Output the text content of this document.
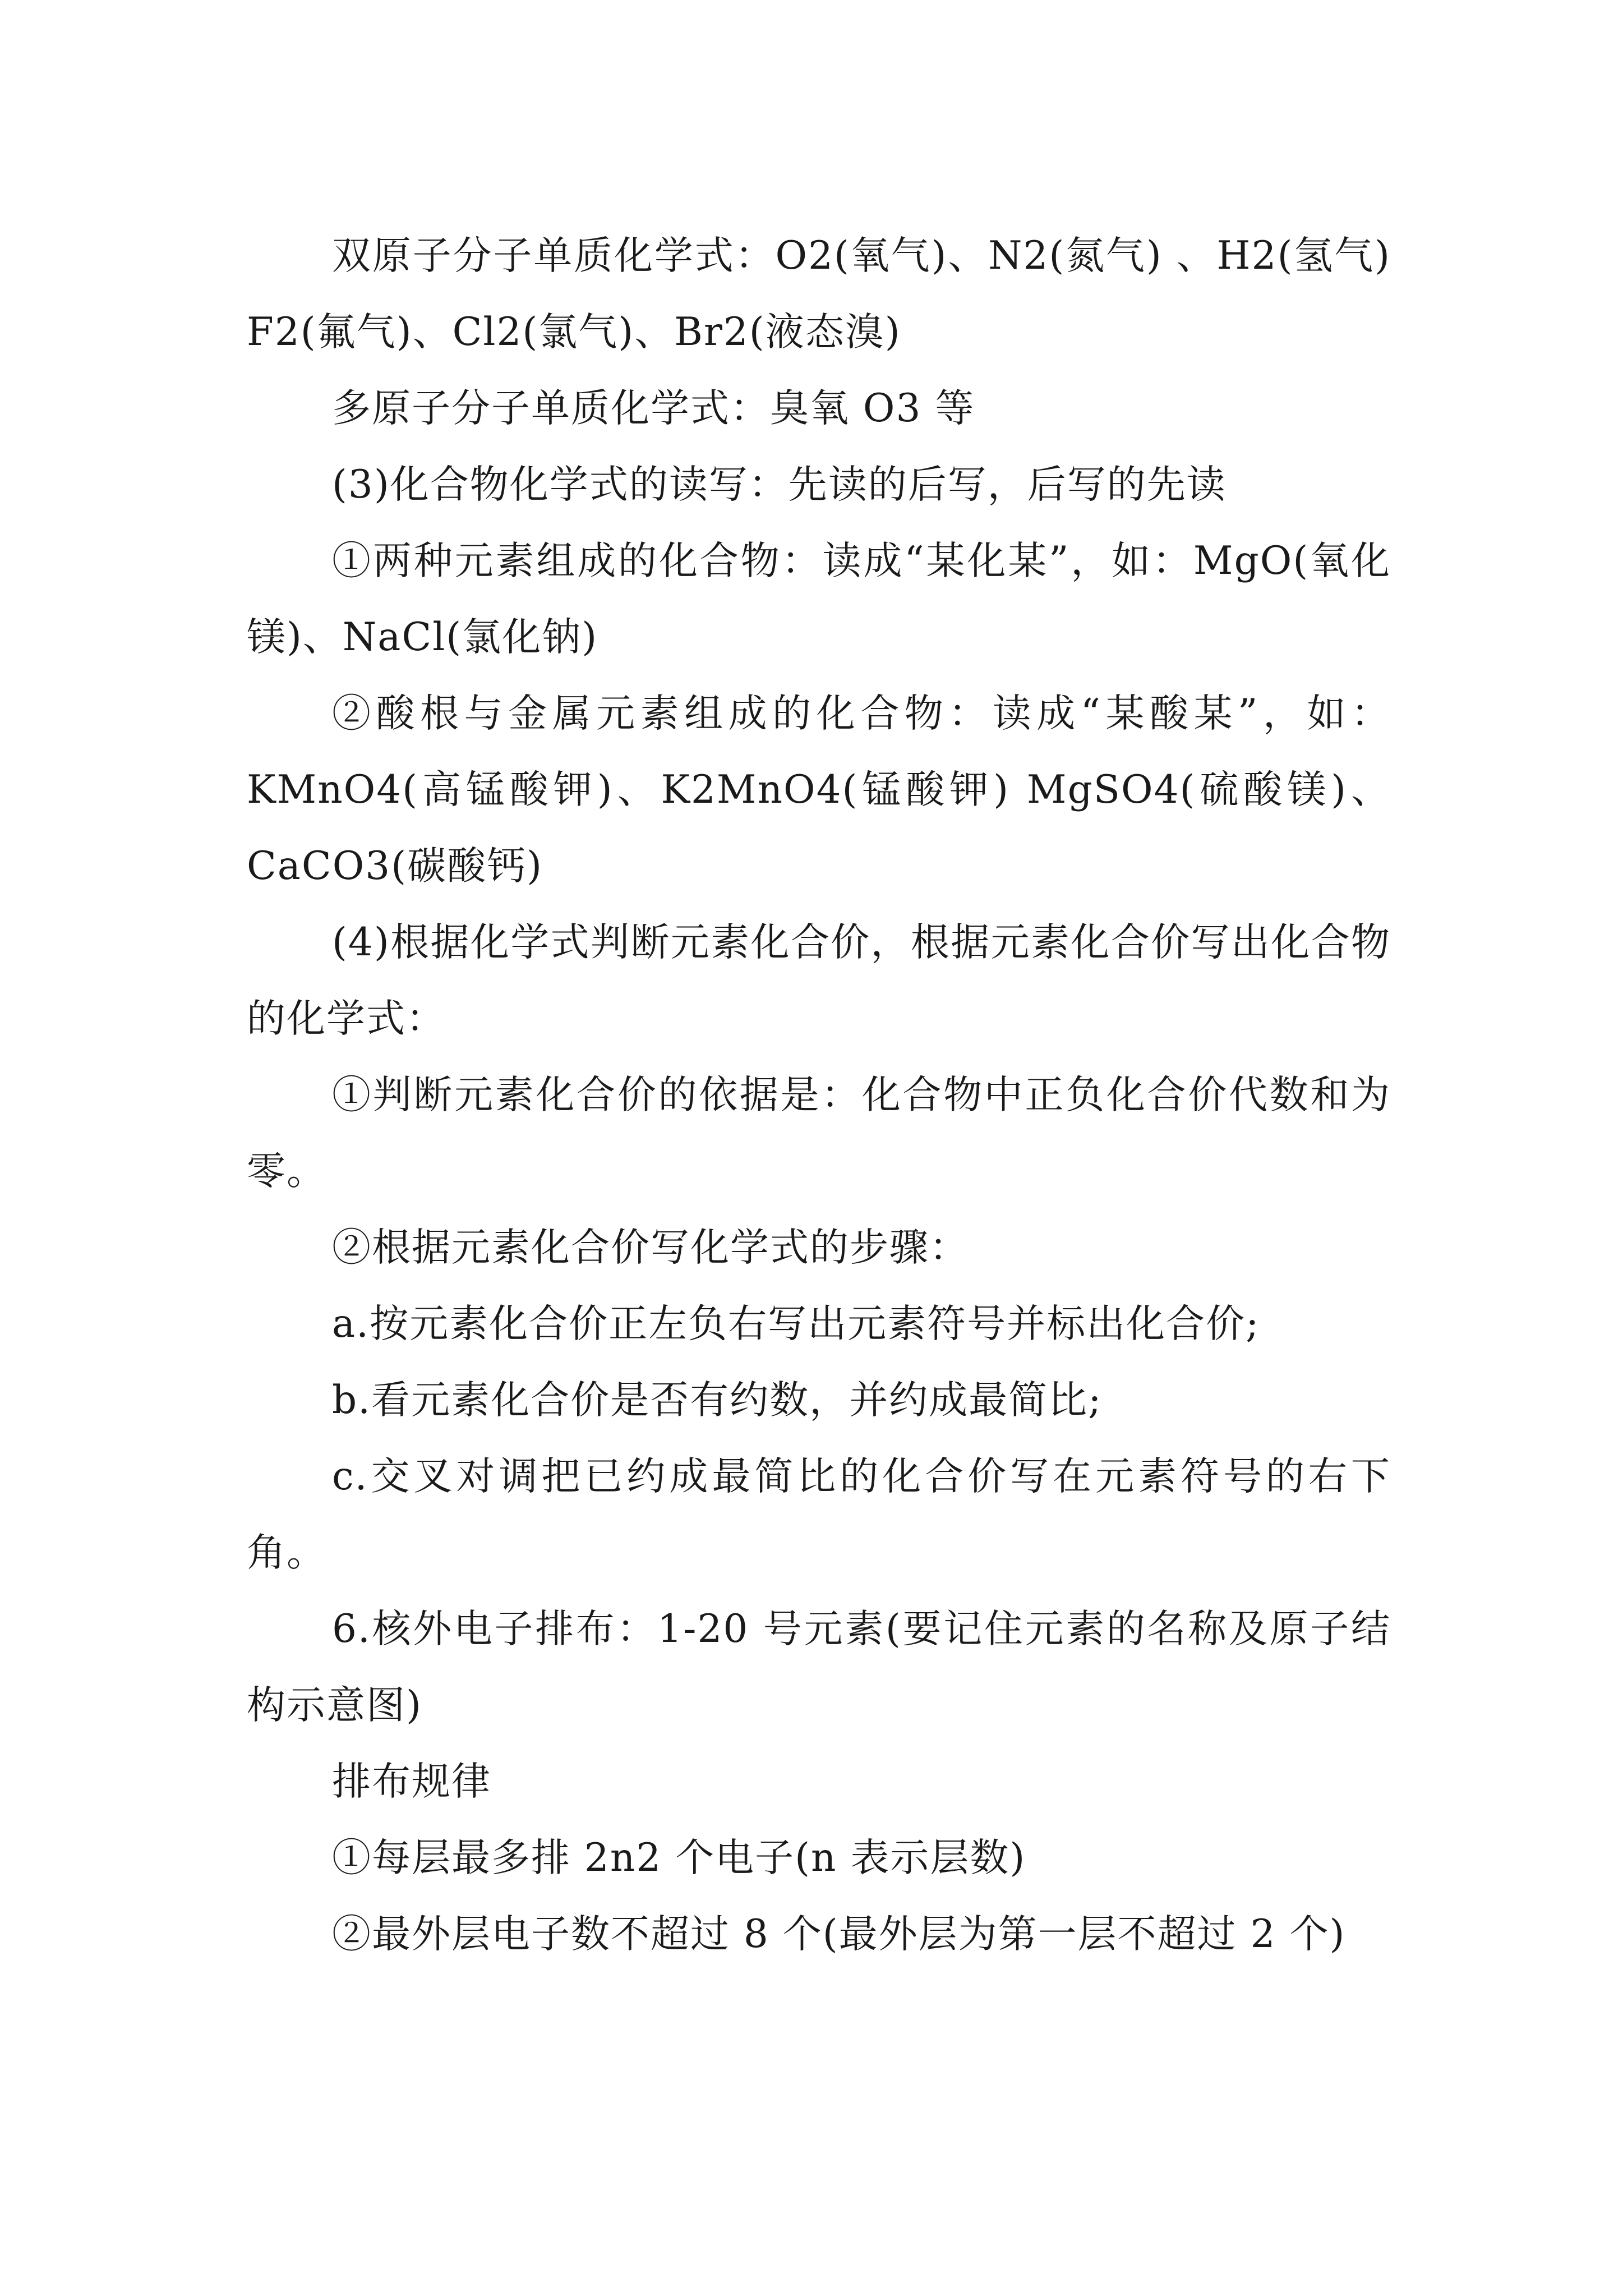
双原子分子单质化学式：O2(氧气)、N2(氮气) 、H2(氢气) F2(氟气)、Cl2(氯气)、Br2(液态溴)

多原子分子单质化学式：臭氧 O3 等

(3)化合物化学式的读写：先读的后写，后写的先读

①两种元素组成的化合物：读成“某化某”，如：MgO(氧化镁)、NaCl(氯化钠)

②酸根与金属元素组成的化合物：读成“某酸某”，如：KMnO4(高锰酸钾)、K2MnO4(锰酸钾) MgSO4(硫酸镁)、CaCO3(碳酸钙)

(4)根据化学式判断元素化合价，根据元素化合价写出化合物的化学式：

①判断元素化合价的依据是：化合物中正负化合价代数和为零。

②根据元素化合价写化学式的步骤：

a.按元素化合价正左负右写出元素符号并标出化合价;

b.看元素化合价是否有约数，并约成最简比;

c.交叉对调把已约成最简比的化合价写在元素符号的右下角。

6.核外电子排布：1-20 号元素(要记住元素的名称及原子结构示意图)

排布规律

①每层最多排 2n2 个电子(n 表示层数)

②最外层电子数不超过 8 个(最外层为第一层不超过 2 个)
